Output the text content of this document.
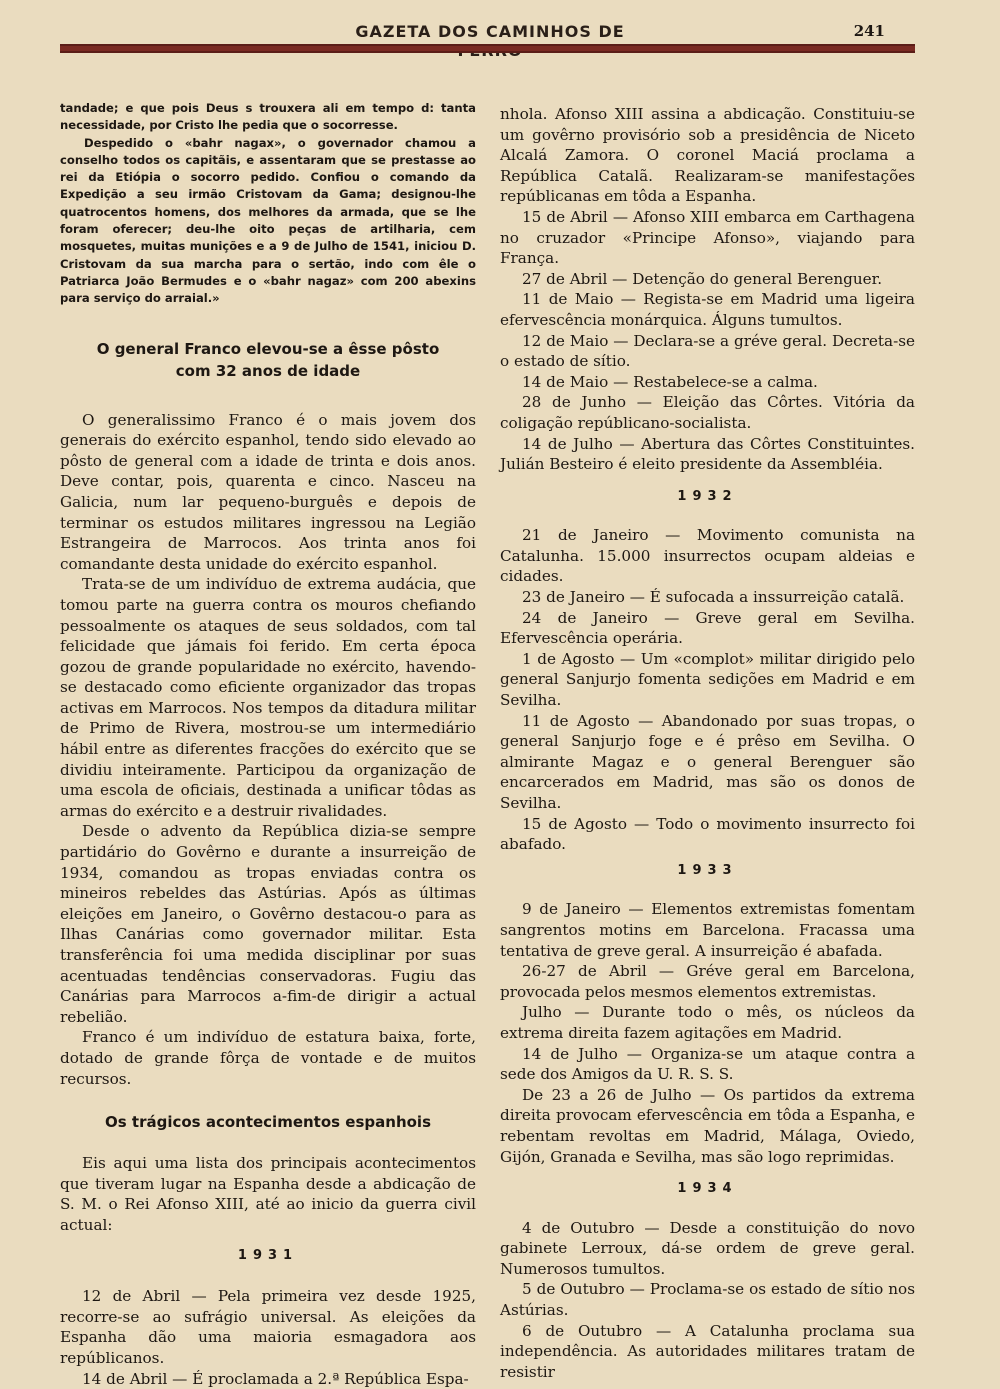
GAZETA DOS CAMINHOS DE	241

tandade; e que pois Deus s trouxera ali em tempo d: tanta necessidade, por Cristo lhe pedia que o socorresse.

Despedido o «bahr nagax», o governador chamou a conselho todos os capitãis, e assentaram que se prestasse ao rei da Etiópia o socorro pedido. Confiou o comando da Expedição a seu irmão Cristovam da Gama; designou-lhe quatrocentos homens, dos melhores da armada, que se lhe foram oferecer; deu-lhe oito peças de artilharia, cem mosquetes, muitas munições e a 9 de Julho de 1541, iniciou D. Cristovam da sua marcha para o sertão, indo com êle o Patriarca João Bermudes e o «bahr nagaz» com 200 abexins para serviço do arraial.»

O general Franco elevou-se a êsse pôsto

com 32 anos de idade

O generalissimo Franco é o mais jovem dos generais do exército espanhol, tendo sido elevado ao pôsto de general com a idade de trinta e dois anos. Deve contar, pois, quarenta e cinco. Nasceu na Galicia, num lar pequeno-burguês e depois de terminar os estudos militares ingressou na Legião Estrangeira de Marrocos. Aos trinta anos foi comandante desta unidade do exército espanhol.

Trata-se de um indivíduo de extrema audácia, que tomou parte na guerra contra os mouros chefiando pessoalmente os ataques de seus soldados, com tal felicidade que jámais foi ferido. Em certa época gozou de grande popularidade no exército, havendo-se destacado como eficiente organizador das tropas activas em Marrocos. Nos tempos da ditadura militar de Primo de Rivera, mostrou-se um intermediário hábil entre as diferentes fracções do exército que se dividiu inteiramente. Participou da organização de uma escola de oficiais, destinada a unificar tôdas as armas do exército e a destruir rivalidades.

Desde o advento da República dizia-se sempre partidário do Govêrno e durante a insurreição de 1934, comandou as tropas enviadas contra os mineiros rebeldes das Astúrias. Após as últimas eleições em Janeiro, o Govêrno destacou-o para as Ilhas Canárias como governador militar. Esta transferência foi uma medida disciplinar por suas acentuadas tendências conservadoras. Fugiu das Canárias para Marrocos a-fim-de dirigir a actual rebelião.

Franco é um indivíduo de estatura baixa, forte, dotado de grande fôrça de vontade e de muitos recursos.

Os trágicos acontecimentos espanhois

Eis aqui uma lista dos principais acontecimentos que tiveram lugar na Espanha desde a abdicação de S. M. o Rei Afonso XIII, até ao inicio da guerra civil actual:

1931

12 de Abril — Pela primeira vez desde 1925, recorre-se ao sufrágio universal. As eleições da Espanha dão uma maioria esmagadora aos repúblicanos.

14 de Abril — É proclamada a 2.ª República Espa-

nhola. Afonso XIII assina a abdicação. Constituiu-se um govêrno provisório sob a presidência de Niceto Alcalá Zamora. O coronel Maciá proclama a República Catalã. Realizaram-se manifestações repúblicanas em tôda a Espanha.

15 de Abril — Afonso XIII embarca em Carthagena no cruzador «Principe Afonso», viajando para França.

27 de Abril — Detenção do general Berenguer.

11 de Maio — Regista-se em Madrid uma ligeira efervescência monárquica. Álguns tumultos.

12 de Maio — Declara-se a gréve geral. Decreta-se o estado de sítio.

14 de Maio — Restabelece-se a calma.

28 de Junho — Eleição das Côrtes. Vitória da coligação repúblicano-socialista.

14 de Julho — Abertura das Côrtes Constituintes. Julián Besteiro é eleito presidente da Assembléia.

1932

21 de Janeiro — Movimento comunista na Catalunha. 15.000 insurrectos ocupam aldeias e cidades.

23 de Janeiro — É sufocada a inssurreição catalã.

24 de Janeiro — Greve geral em Sevilha. Efervescência operária.

1 de Agosto — Um «complot» militar dirigido pelo general Sanjurjo fomenta sedições em Madrid e em Sevilha.

11 de Agosto — Abandonado por suas tropas, o general Sanjurjo foge e é prêso em Sevilha. O almirante Magaz e o general Berenguer são encarcerados em Madrid, mas são os donos de Sevilha.

15 de Agosto — Todo o movimento insurrecto foi abafado.

1933

9 de Janeiro — Elementos extremistas fomentam sangrentos motins em Barcelona. Fracassa uma tentativa de greve geral. A insurreição é abafada.

26-27 de Abril — Gréve geral em Barcelona, provocada pelos mesmos elementos extremistas.

Julho — Durante todo o mês, os núcleos da extrema direita fazem agitações em Madrid.

14 de Julho — Organiza-se um ataque contra a sede dos Amigos da U. R. S. S.

De 23 a 26 de Julho — Os partidos da extrema direita provocam efervescência em tôda a Espanha, e rebentam revoltas em Madrid, Málaga, Oviedo, Gijón, Granada e Sevilha, mas são logo reprimidas.

1934

4 de Outubro — Desde a constituição do novo gabinete Lerroux, dá-se ordem de greve geral. Numerosos tumultos.

5 de Outubro — Proclama-se os estado de sítio nos Astúrias.

6 de Outubro — A Catalunha proclama sua independência. As autoridades militares tratam de resistir
